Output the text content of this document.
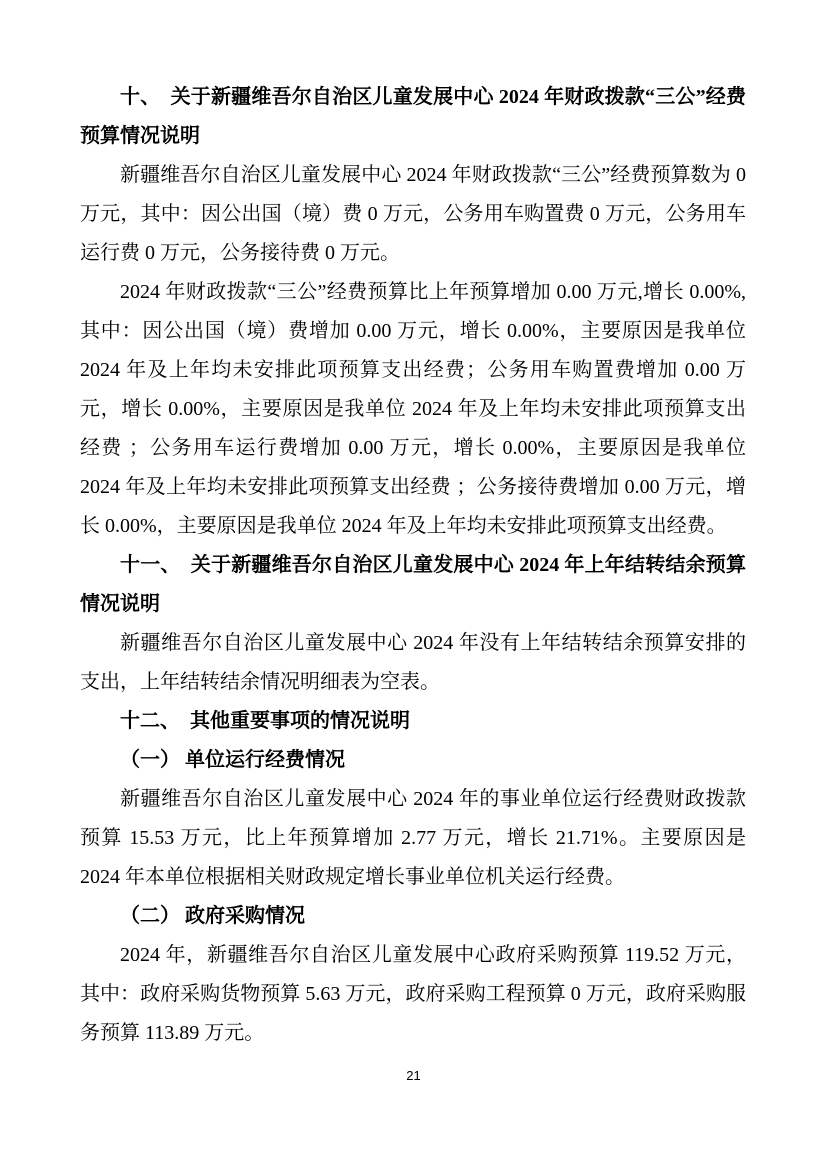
十、　关于新疆维吾尔自治区儿童发展中心 2024 年财政拨款“三公”经费预算情况说明

新疆维吾尔自治区儿童发展中心 2024 年财政拨款“三公”经费预算数为 0 万元，其中：因公出国（境）费 0 万元，公务用车购置费 0 万元，公务用车运行费 0 万元，公务接待费 0 万元。

2024 年财政拨款“三公”经费预算比上年预算增加 0.00 万元,增长 0.00%,其中：因公出国（境）费增加 0.00 万元，增长 0.00%，主要原因是我单位 2024 年及上年均未安排此项预算支出经费；公务用车购置费增加 0.00 万元，增长 0.00%，主要原因是我单位 2024 年及上年均未安排此项预算支出经费 ；公务用车运行费增加 0.00 万元，增长 0.00%，主要原因是我单位 2024 年及上年均未安排此项预算支出经费 ；公务接待费增加 0.00 万元，增长 0.00%，主要原因是我单位 2024 年及上年均未安排此项预算支出经费。

十一、　关于新疆维吾尔自治区儿童发展中心 2024 年上年结转结余预算情况说明

新疆维吾尔自治区儿童发展中心 2024 年没有上年结转结余预算安排的支出，上年结转结余情况明细表为空表。

十二、　其他重要事项的情况说明

（一） 单位运行经费情况

新疆维吾尔自治区儿童发展中心 2024 年的事业单位运行经费财政拨款预算 15.53 万元，比上年预算增加 2.77 万元，增长 21.71%。主要原因是 2024 年本单位根据相关财政规定增长事业单位机关运行经费。

（二） 政府采购情况

2024 年，新疆维吾尔自治区儿童发展中心政府采购预算 119.52 万元，其中：政府采购货物预算 5.63 万元，政府采购工程预算 0 万元，政府采购服务预算 113.89 万元。

21
